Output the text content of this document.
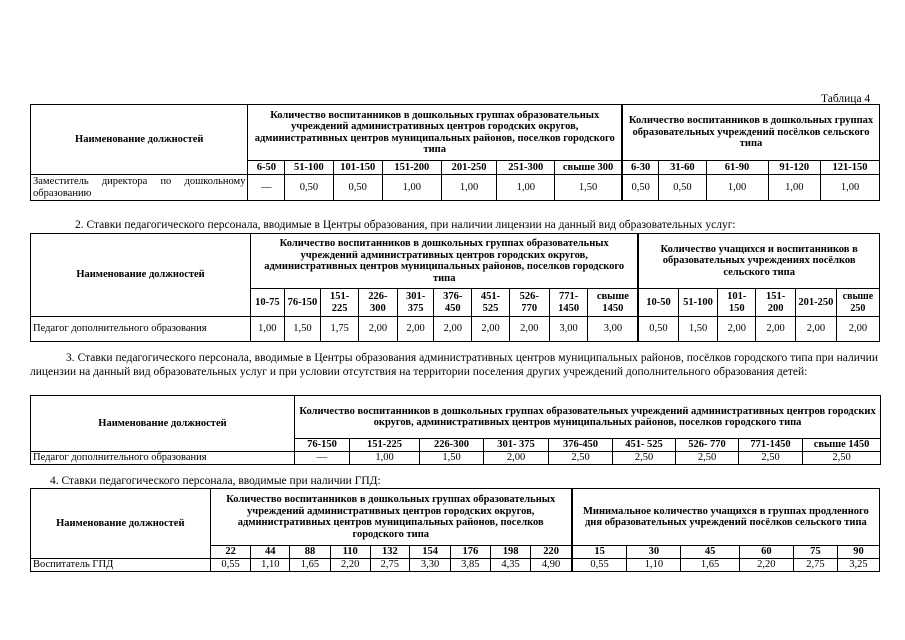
Таблица 4
Наименование должностей	Количество воспитанников в дошкольных группах образовательных учреждений административных центров городских округов, административных центров муниципальных районов, поселков городского типа							Количество воспитанников в дошкольных группах образовательных учреждений посёлков сельского типа				
	6-50	51-100	101-150	151-200	201-250	251-300	свыше 300	6-30	31-60	61-90	91-120	121-150
Заместитель директора по дошкольному образованию	—	0,50	0,50	1,00	1,00	1,00	1,50	0,50	0,50	1,00	1,00	1,00
2. Ставки педагогического персонала, вводимые в Центры образования, при наличии лицензии на данный вид образовательных услуг:
Наименование должностей	Количество воспитанников в дошкольных группах образовательных учреждений административных центров городских округов, административных центров муниципальных районов, поселков городского типа										Количество учащихся и воспитанников в образовательных учреждениях посёлков сельского типа					
	10-75	76-150	151-225	226-300	301-375	376-450	451-525	526-770	771-1450	свыше 1450	10-50	51-100	101-150	151-200	201-250	свыше 250
Педагог дополнительного образования	1,00	1,50	1,75	2,00	2,00	2,00	2,00	2,00	3,00	3,00	0,50	1,50	2,00	2,00	2,00	2,00
3. Ставки педагогического персонала, вводимые в Центры образования административных центров муниципальных районов, посёлков городского типа при наличии лицензии на данный вид образовательных услуг и при условии отсутствия на территории поселения других учреждений дополнительного образования детей:
Наименование должностей	Количество воспитанников в дошкольных группах образовательных учреждений административных центров городских округов, административных центров муниципальных районов, поселков городского типа								
	76-150	151-225	226-300	301- 375	376-450	451- 525	526- 770	771-1450	свыше 1450
Педагог дополнительного образования	—	1,00	1,50	2,00	2,50	2,50	2,50	2,50	2,50
4. Ставки педагогического персонала, вводимые при наличии ГПД:
Наименование должностей	Количество воспитанников в дошкольных группах образовательных учреждений административных центров городских округов, административных центров муниципальных районов, поселков городского типа									Минимальное количество учащихся в группах продленного дня образовательных учреждений посёлков сельского типа					
	22	44	88	110	132	154	176	198	220	15	30	45	60	75	90
Воспитатель ГПД	0,55	1,10	1,65	2,20	2,75	3,30	3,85	4,35	4,90	0,55	1,10	1,65	2,20	2,75	3,25
